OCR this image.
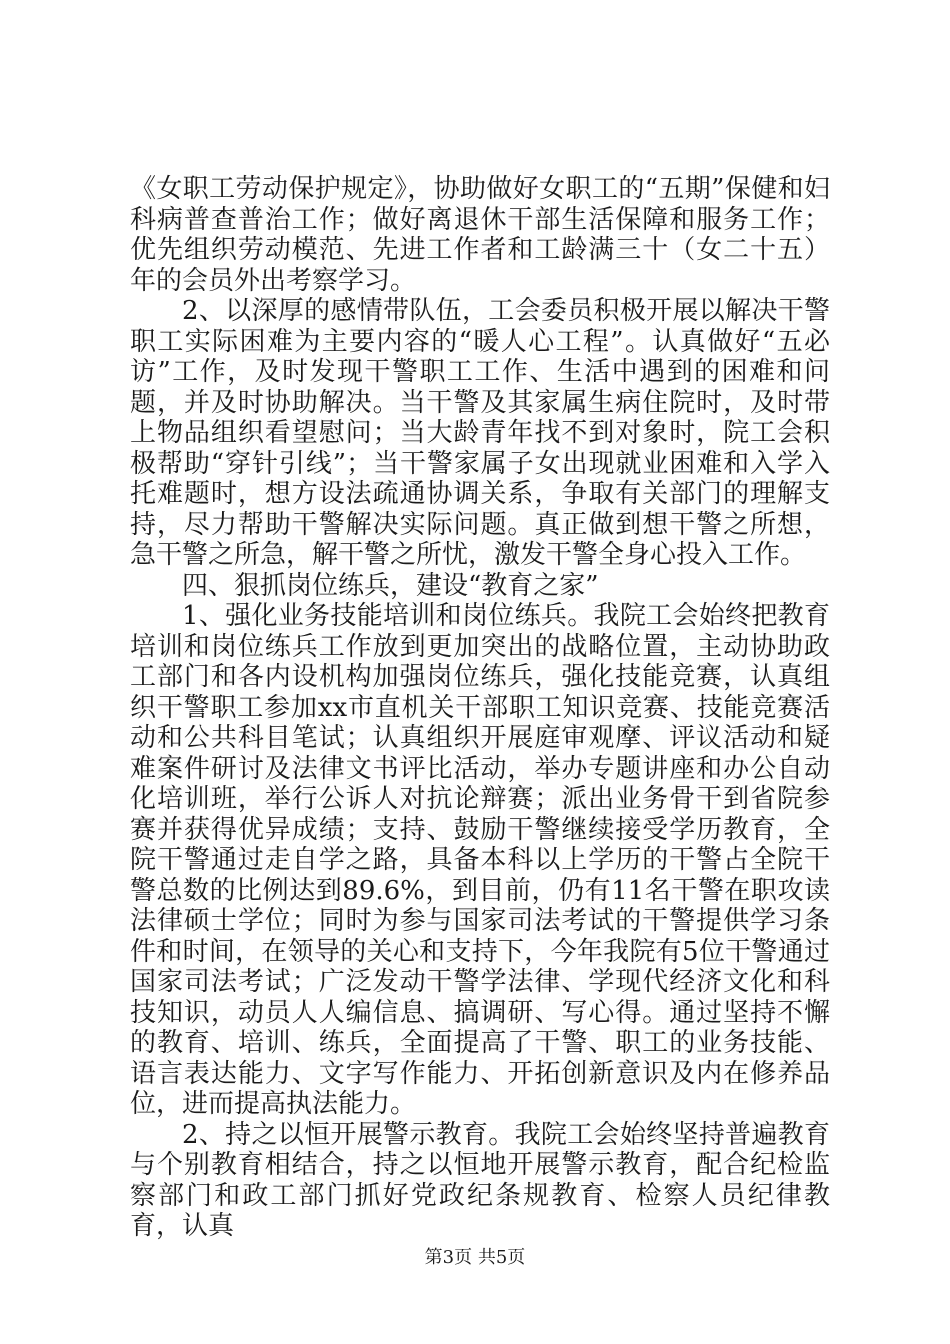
《女职工劳动保护规定》，协助做好女职工的“五期”保健和妇科病普查普治工作；做好离退休干部生活保障和服务工作；优先组织劳动模范、先进工作者和工龄满三十（女二十五）年的会员外出考察学习。

2、以深厚的感情带队伍，工会委员积极开展以解决干警职工实际困难为主要内容的“暖人心工程”。认真做好“五必访”工作，及时发现干警职工工作、生活中遇到的困难和问题，并及时协助解决。当干警及其家属生病住院时，及时带上物品组织看望慰问；当大龄青年找不到对象时，院工会积极帮助“穿针引线”；当干警家属子女出现就业困难和入学入托难题时，想方设法疏通协调关系，争取有关部门的理解支持，尽力帮助干警解决实际问题。真正做到想干警之所想，急干警之所急，解干警之所忧，激发干警全身心投入工作。

四、狠抓岗位练兵，建设“教育之家”

1、强化业务技能培训和岗位练兵。我院工会始终把教育培训和岗位练兵工作放到更加突出的战略位置，主动协助政工部门和各内设机构加强岗位练兵，强化技能竞赛，认真组织干警职工参加xx市直机关干部职工知识竞赛、技能竞赛活动和公共科目笔试；认真组织开展庭审观摩、评议活动和疑难案件研讨及法律文书评比活动，举办专题讲座和办公自动化培训班，举行公诉人对抗论辩赛；派出业务骨干到省院参赛并获得优异成绩；支持、鼓励干警继续接受学历教育，全院干警通过走自学之路，具备本科以上学历的干警占全院干警总数的比例达到89.6%，到目前，仍有11名干警在职攻读法律硕士学位；同时为参与国家司法考试的干警提供学习条件和时间，在领导的关心和支持下，今年我院有5位干警通过国家司法考试；广泛发动干警学法律、学现代经济文化和科技知识，动员人人编信息、搞调研、写心得。通过坚持不懈的教育、培训、练兵，全面提高了干警、职工的业务技能、语言表达能力、文字写作能力、开拓创新意识及内在修养品位，进而提高执法能力。

2、持之以恒开展警示教育。我院工会始终坚持普遍教育与个别教育相结合，持之以恒地开展警示教育，配合纪检监察部门和政工部门抓好党政纪条规教育、检察人员纪律教育，认真

第3页 共5页
